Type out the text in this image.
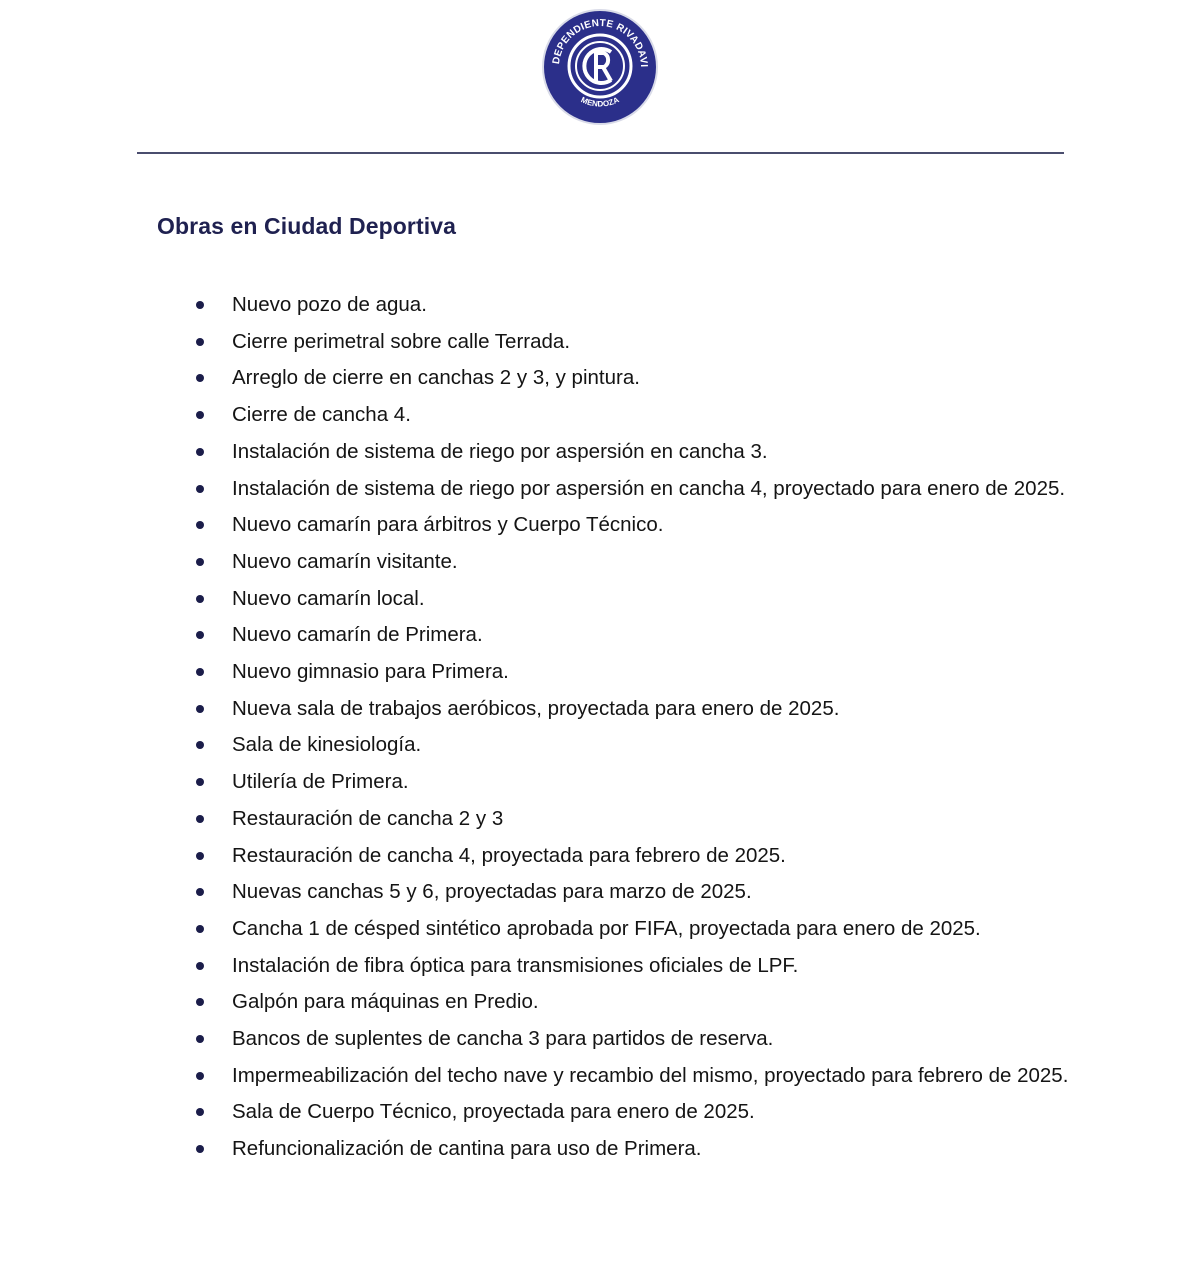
DEPENDIENTE RIVADAVI
MENDOZA
Obras en Ciudad Deportiva
Nuevo pozo de agua.
Cierre perimetral sobre calle Terrada.
Arreglo de cierre en canchas 2 y 3, y pintura.
Cierre de cancha 4.
Instalación de sistema de riego por aspersión en cancha 3.
Instalación de sistema de riego por aspersión en cancha 4, proyectado para enero de 2025.
Nuevo camarín para árbitros y Cuerpo Técnico.
Nuevo camarín visitante.
Nuevo camarín local.
Nuevo camarín de Primera.
Nuevo gimnasio para Primera.
Nueva sala de trabajos aeróbicos, proyectada para enero de 2025.
Sala de kinesiología.
Utilería de Primera.
Restauración de cancha 2 y 3
Restauración de cancha 4, proyectada para febrero de 2025.
Nuevas canchas 5 y 6, proyectadas para marzo de 2025.
Cancha 1 de césped sintético aprobada por FIFA, proyectada para enero de 2025.
Instalación de fibra óptica para transmisiones oficiales de LPF.
Galpón para máquinas en Predio.
Bancos de suplentes de cancha 3 para partidos de reserva.
Impermeabilización del techo nave y recambio del mismo, proyectado para febrero de 2025.
Sala de Cuerpo Técnico, proyectada para enero de 2025.
Refuncionalización de cantina para uso de Primera.
